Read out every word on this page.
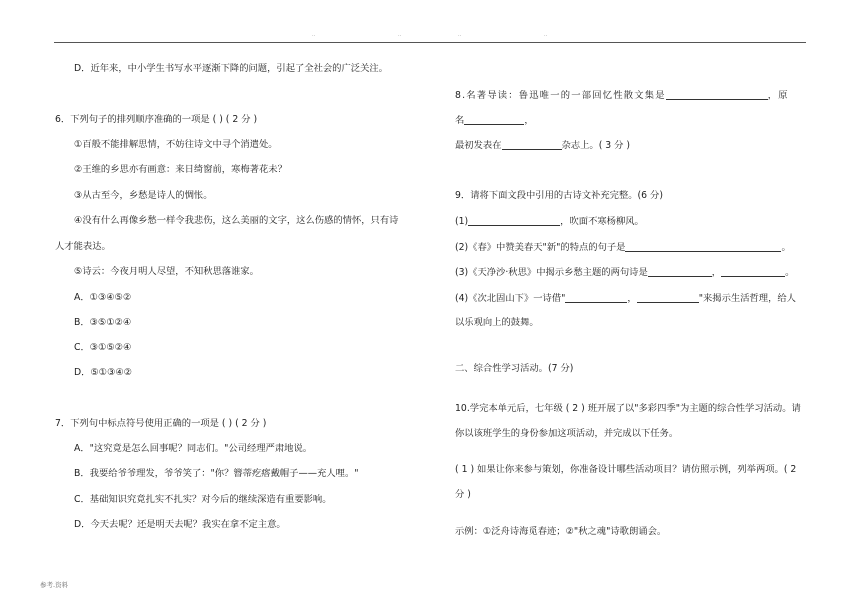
··	··	··	··
D．近年来，中小学生书写水平逐渐下降的问题，引起了全社会的广泛关注。
6．下列句子的排列顺序准确的一项是 ( ) ( 2 分 )
①百般不能排解思情，不妨往诗文中寻个消遣处。
②王维的乡思亦有画意：来日绮窗前，寒梅著花未？
③从古至今，乡愁是诗人的惆怅。
④没有什么再像乡愁一样令我悲伤，这么美丽的文字，这么伤感的情怀，只有诗
人才能表达。
⑤诗云：今夜月明人尽望，不知秋思落谁家。
A．①③④⑤②
B．③⑤①②④
C．③①⑤②④
D．⑤①③④②
7．下列句中标点符号使用正确的一项是 ( ) ( 2 分 )
A．"这究竟是怎么回事呢？同志们。"公司经理严肃地说。
B．我要给爷爷理发，爷爷笑了："你？簪蒂疙瘩戴帽子——充人哩。"
C．基础知识究竟扎实不扎实？对今后的继续深造有重要影响。
D．今天去呢？还是明天去呢？我实在拿不定主意。
8.名著导读：鲁迅唯一的一部回忆性散文集是	，原
名	，
最初发表在	杂志上。( 3 分 )
9．请将下面文段中引用的古诗文补充完整。(6 分)
(1)	，吹面不寒杨柳风。
(2)《春》中赞美春天"新"的特点的句子是	。
(3)《天净沙·秋思》中揭示乡愁主题的两句诗是	，	。
(4)《次北固山下》一诗借"	，	"来揭示生活哲理，给人
以乐观向上的鼓舞。
二、综合性学习活动。(7 分)
10.学完本单元后，七年级 ( 2 ) 班开展了以"多彩四季"为主题的综合性学习活动。请
你以该班学生的身份参加这项活动，并完成以下任务。
( 1 ) 如果让你来参与策划，你准备设计哪些活动项目？请仿照示例，列举两项。( 2
分 )
示例：①泛舟诗海觅春迹；②"秋之魂"诗歌朗诵会。
参考.资料
